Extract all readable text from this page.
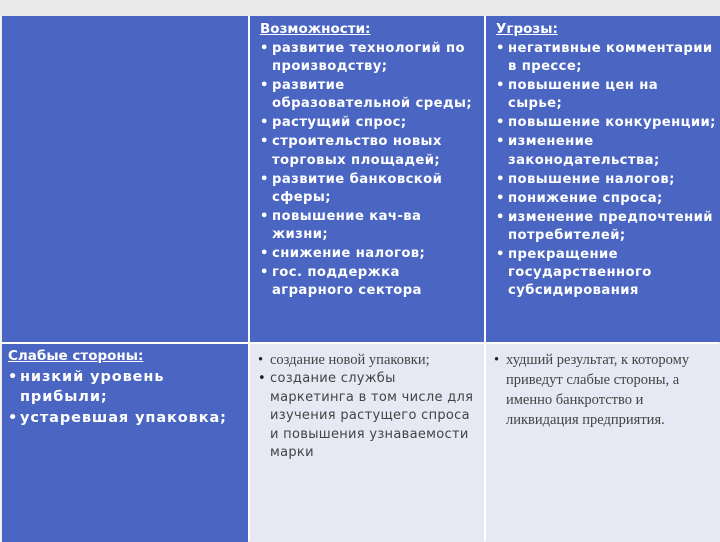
Возможности:
• развитие технологий по производству;
• развитие образовательной среды;
• растущий спрос;
• строительство новых торговых площадей;
• развитие банковской сферы;
• повышение кач-ва жизни;
• снижение налогов;
• гос. поддержка аграрного сектора
Угрозы:
• негативные комментарии в прессе;
• повышение цен на сырье;
• повышение конкуренции;
• изменение законодательства;
• повышение налогов;
• понижение спроса;
• изменение предпочтений потребителей;
• прекращение государственного субсидирования
Слабые стороны:
• низкий уровень прибыли;
• устаревшая упаковка;
• создание новой упаковки;
• создание службы маркетинга в том числе для изучения растущего спроса и повышения узнаваемости марки
• худший результат, к которому приведут слабые стороны, а именно банкротство и ликвидация предприятия.
